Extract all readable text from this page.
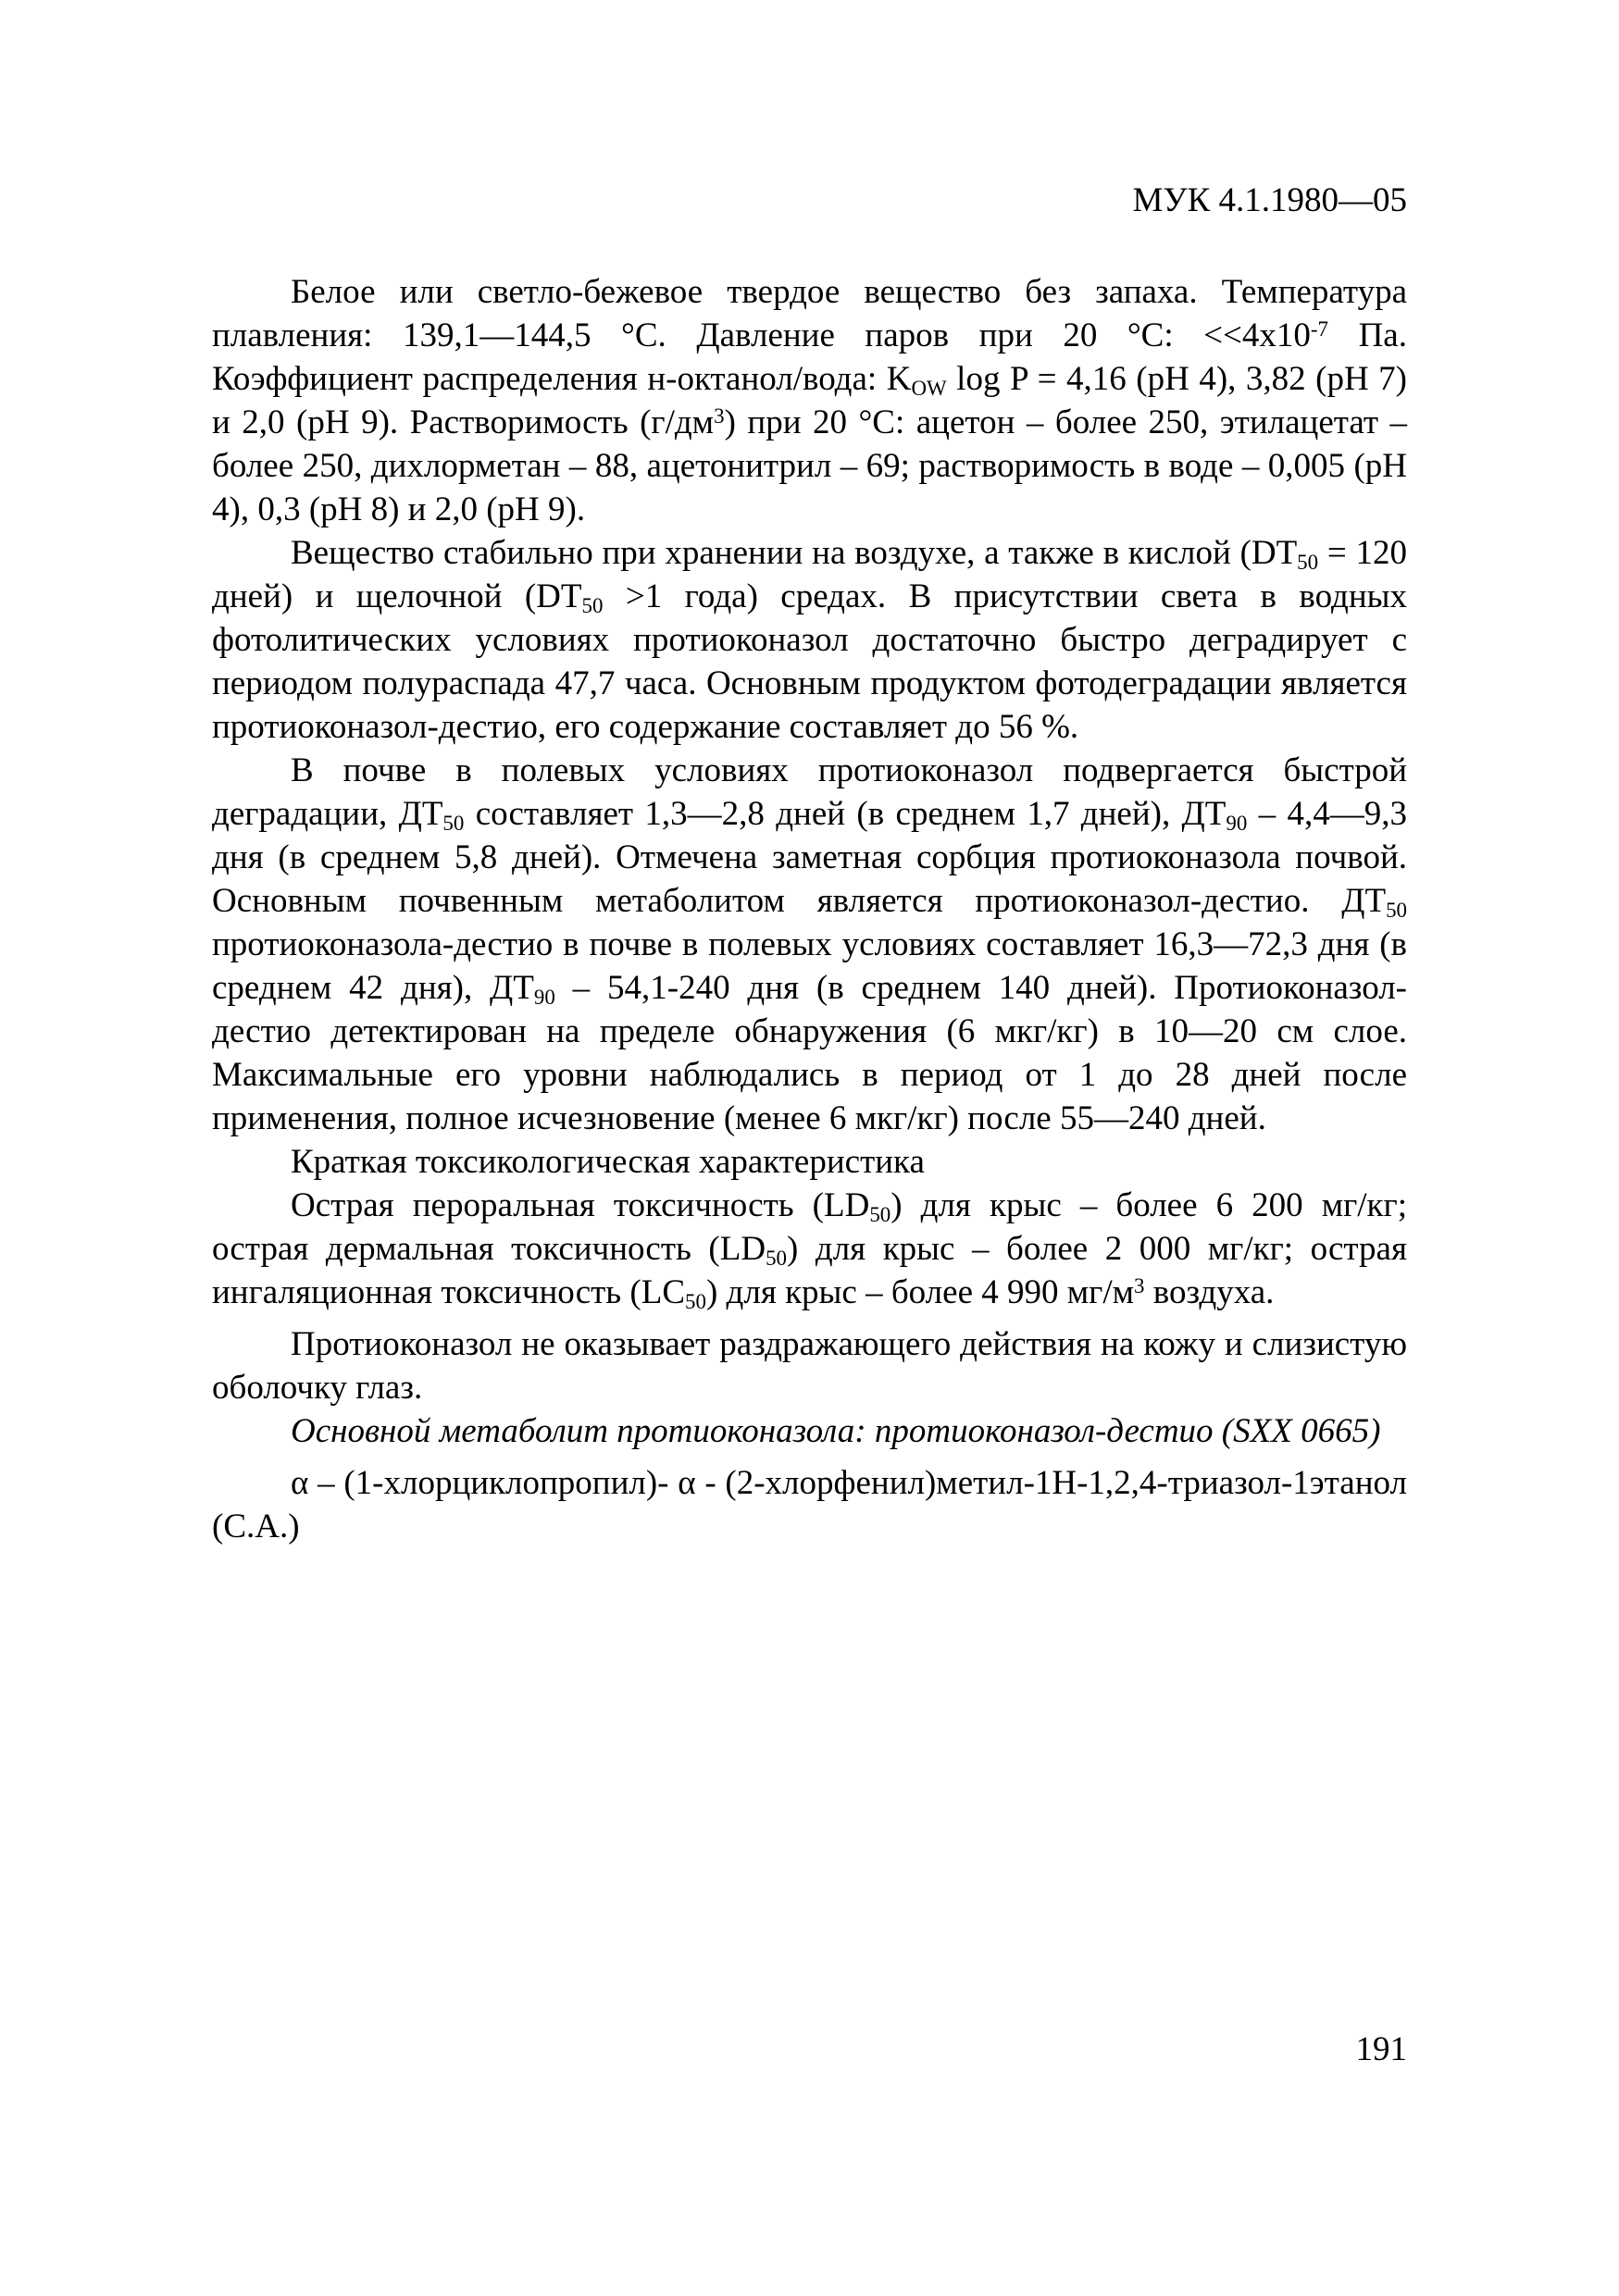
МУК 4.1.1980—05

Белое или светло-бежевое твердое вещество без запаха. Температура плавления: 139,1—144,5 °С. Давление паров при 20 °С: $<<4x10^{-7}$ Па. Коэффициент распределения н-октанол/вода: $K_{OW}$ log P = 4,16 (pH 4), 3,82 (pH 7) и 2,0 (pH 9). Растворимость $(г/дм^3)$ при 20 °С: ацетон – более 250, этилацетат – более 250, дихлорметан – 88, ацетонитрил – 69; растворимость в воде – 0,005 (pH 4), 0,3 (pH 8) и 2,0 (pH 9).

Вещество стабильно при хранении на воздухе, а также в кислой ($DT_{50} = 120$ дней) и щелочной ($DT_{50} >1$ года) средах. В присутствии света в водных фотолитических условиях протиоконазол достаточно быстро деградирует с периодом полураспада 47,7 часа. Основным продуктом фотодеградации является протиоконазол-дестио, его содержание составляет до 56 %.

В почве в полевых условиях протиоконазол подвергается быстрой деградации, $ДТ_{50}$ составляет 1,3—2,8 дней (в среднем 1,7 дней), $ДТ_{90}$ – 4,4—9,3 дня (в среднем 5,8 дней). Отмечена заметная сорбция протиоконазола почвой. Основным почвенным метаболитом является протиоконазол-дестио. $ДТ_{50}$ протиоконазола-дестио в почве в полевых условиях составляет 16,3—72,3 дня (в среднем 42 дня), $ДТ_{90} - 54,1-240$ дня (в среднем 140 дней). Протиоконазол-дестио детектирован на пределе обнаружения (6 мкг/кг) в 10—20 см слое. Максимальные его уровни наблюдались в период от 1 до 28 дней после применения, полное исчезновение (менее 6 мкг/кг) после 55—240 дней.

Краткая токсикологическая характеристика

Острая пероральная токсичность $(LD_{50})$ для крыс – более 6 200 мг/кг; острая дермальная токсичность $(LD_{50})$ для крыс – более 2 000 мг/кг; острая ингаляционная токсичность $(LC_{50})$ для крыс – более 4 990 $мг/м^3$ воздуха.

Протиоконазол не оказывает раздражающего действия на кожу и слизистую оболочку глаз.

Основной метаболит протиоконазола: протиоконазол-дестио (SXX 0665)

α – (1-хлорциклопропил)- α - (2-хлорфенил)метил-1Н-1,2,4-триазол-1этанол (С.А.)

191
